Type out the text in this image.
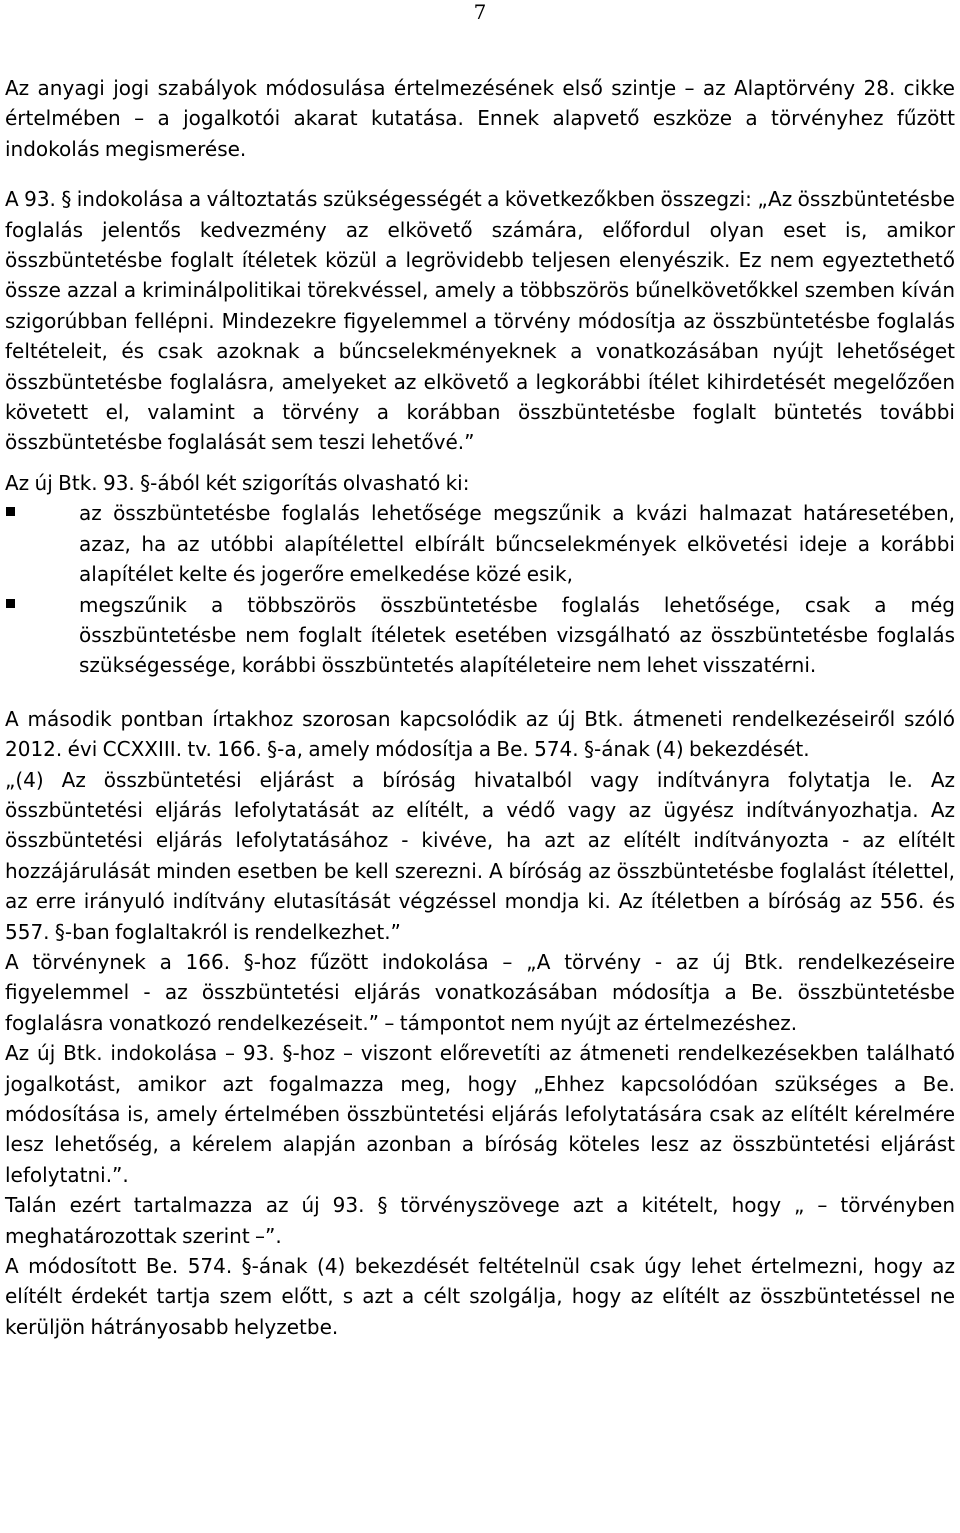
7

Az anyagi jogi szabályok módosulása értelmezésének első szintje – az Alaptörvény 28. cikke értelmében – a jogalkotói akarat kutatása. Ennek alapvető eszköze a törvényhez fűzött indokolás megismerése.

A 93. § indokolása a változtatás szükségességét a következőkben összegzi: „Az összbüntetésbe foglalás jelentős kedvezmény az elkövető számára, előfordul olyan eset is, amikor összbüntetésbe foglalt ítéletek közül a legrövidebb teljesen elenyészik. Ez nem egyeztethető össze azzal a kriminálpolitikai törekvéssel, amely a többszörös bűnelkövetőkkel szemben kíván szigorúbban fellépni. Mindezekre figyelemmel a törvény módosítja az összbüntetésbe foglalás feltételeit, és csak azoknak a bűncselekményeknek a vonatkozásában nyújt lehetőséget összbüntetésbe foglalásra, amelyeket az elkövető a legkorábbi ítélet kihirdetését megelőzően követett el, valamint a törvény a korábban összbüntetésbe foglalt büntetés további összbüntetésbe foglalását sem teszi lehetővé.”

Az új Btk. 93. §-ából két szigorítás olvasható ki:

az összbüntetésbe foglalás lehetősége megszűnik a kvázi halmazat határesetében, azaz, ha az utóbbi alapítélettel elbírált bűncselekmények elkövetési ideje a korábbi alapítélet kelte és jogerőre emelkedése közé esik,
megszűnik a többszörös összbüntetésbe foglalás lehetősége, csak a még összbüntetésbe nem foglalt ítéletek esetében vizsgálható az összbüntetésbe foglalás szükségessége, korábbi összbüntetés alapítéleteire nem lehet visszatérni.

A második pontban írtakhoz szorosan kapcsolódik az új Btk. átmeneti rendelkezéseiről szóló 2012. évi CCXXIII. tv. 166. §-a, amely módosítja a Be. 574. §-ának (4) bekezdését.

„(4) Az összbüntetési eljárást a bíróság hivatalból vagy indítványra folytatja le. Az összbüntetési eljárás lefolytatását az elítélt, a védő vagy az ügyész indítványozhatja. Az összbüntetési eljárás lefolytatásához - kivéve, ha azt az elítélt indítványozta - az elítélt hozzájárulását minden esetben be kell szerezni. A bíróság az összbüntetésbe foglalást ítélettel, az erre irányuló indítvány elutasítását végzéssel mondja ki. Az ítéletben a bíróság az 556. és 557. §-ban foglaltakról is rendelkezhet.”

A törvénynek a 166. §-hoz fűzött indokolása – „A törvény - az új Btk. rendelkezéseire figyelemmel - az összbüntetési eljárás vonatkozásában módosítja a Be. összbüntetésbe foglalásra vonatkozó rendelkezéseit.” – támpontot nem nyújt az értelmezéshez.

Az új Btk. indokolása – 93. §-hoz – viszont előrevetíti az átmeneti rendelkezésekben található jogalkotást, amikor azt fogalmazza meg, hogy „Ehhez kapcsolódóan szükséges a Be. módosítása is, amely értelmében összbüntetési eljárás lefolytatására csak az elítélt kérelmére lesz lehetőség, a kérelem alapján azonban a bíróság köteles lesz az összbüntetési eljárást lefolytatni.”.

Talán ezért tartalmazza az új 93. § törvényszövege azt a kitételt, hogy „ – törvényben meghatározottak szerint –”.

A módosított Be. 574. §-ának (4) bekezdését feltételnül csak úgy lehet értelmezni, hogy az elítélt érdekét tartja szem előtt, s azt a célt szolgálja, hogy az elítélt az összbüntetéssel ne kerüljön hátrányosabb helyzetbe.
